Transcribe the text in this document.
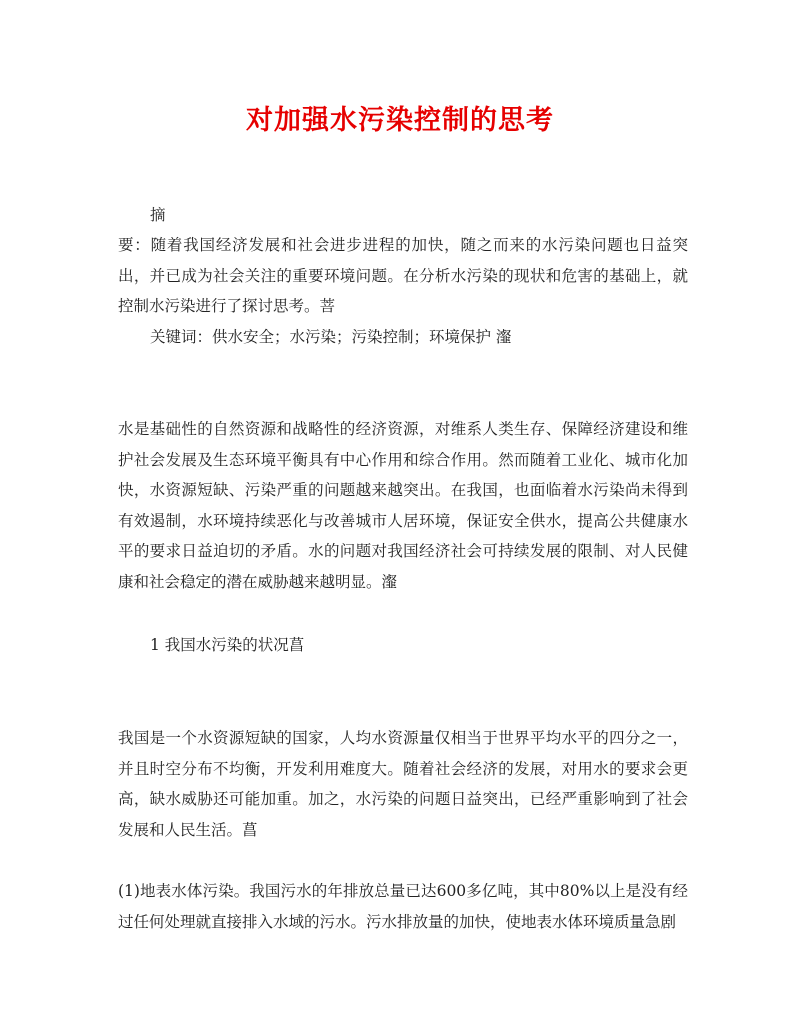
对加强水污染控制的思考

摘

要：随着我国经济发展和社会进步进程的加快，随之而来的水污染问题也日益突出，并已成为社会关注的重要环境问题。在分析水污染的现状和危害的基础上，就控制水污染进行了探讨思考。菩

关键词：供水安全；水污染；污染控制；环境保护 瀣

水是基础性的自然资源和战略性的经济资源，对维系人类生存、保障经济建设和维护社会发展及生态环境平衡具有中心作用和综合作用。然而随着工业化、城市化加快，水资源短缺、污染严重的问题越来越突出。在我国，也面临着水污染尚未得到有效遏制，水环境持续恶化与改善城市人居环境，保证安全供水，提高公共健康水平的要求日益迫切的矛盾。水的问题对我国经济社会可持续发展的限制、对人民健康和社会稳定的潜在威胁越来越明显。瀣

1 我国水污染的状况菖

我国是一个水资源短缺的国家，人均水资源量仅相当于世界平均水平的四分之一，并且时空分布不均衡，开发利用难度大。随着社会经济的发展，对用水的要求会更高，缺水威胁还可能加重。加之，水污染的问题日益突出，已经严重影响到了社会发展和人民生活。菖

(1)地表水体污染。我国污水的年排放总量已达600多亿吨，其中80%以上是没有经过任何处理就直接排入水域的污水。污水排放量的加快，使地表水体环境质量急剧
